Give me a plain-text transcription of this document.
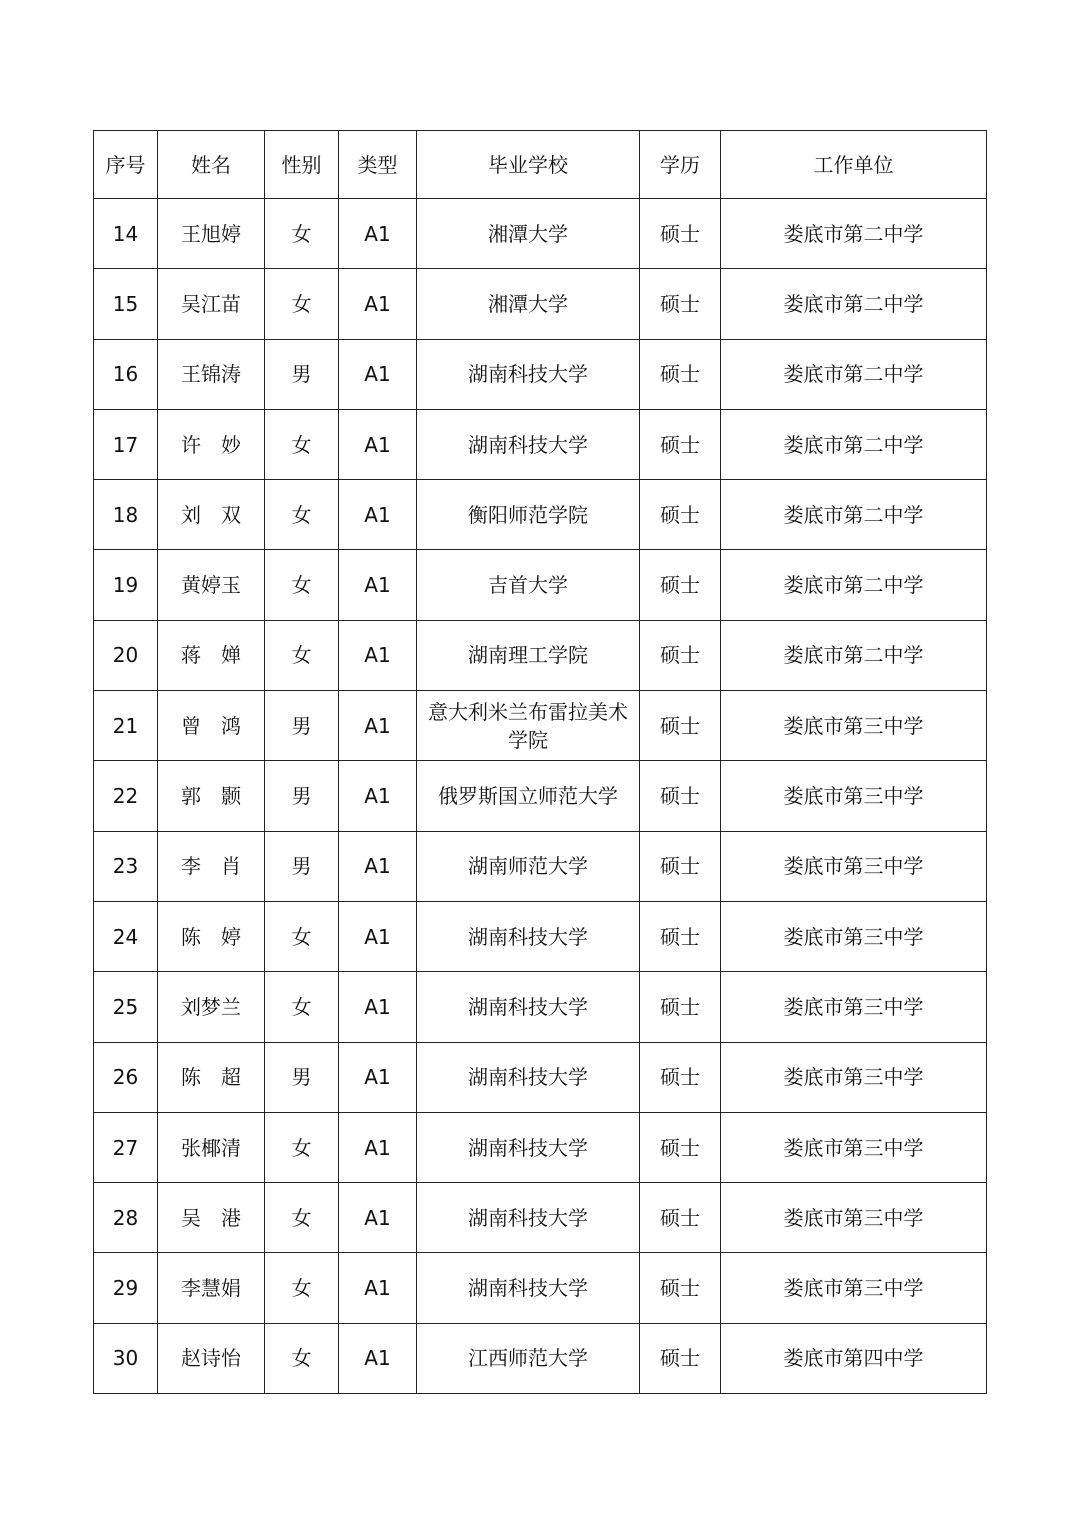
序号	姓名	性别	类型	毕业学校	学历	工作单位
14	王旭婷	女	A1	湘潭大学	硕士	娄底市第二中学
15	吴江苗	女	A1	湘潭大学	硕士	娄底市第二中学
16	王锦涛	男	A1	湖南科技大学	硕士	娄底市第二中学
17	许　妙	女	A1	湖南科技大学	硕士	娄底市第二中学
18	刘　双	女	A1	衡阳师范学院	硕士	娄底市第二中学
19	黄婷玉	女	A1	吉首大学	硕士	娄底市第二中学
20	蒋　婵	女	A1	湖南理工学院	硕士	娄底市第二中学
21	曾　鸿	男	A1	意大利米兰布雷拉美术学院	硕士	娄底市第三中学
22	郭　颢	男	A1	俄罗斯国立师范大学	硕士	娄底市第三中学
23	李　肖	男	A1	湖南师范大学	硕士	娄底市第三中学
24	陈　婷	女	A1	湖南科技大学	硕士	娄底市第三中学
25	刘梦兰	女	A1	湖南科技大学	硕士	娄底市第三中学
26	陈　超	男	A1	湖南科技大学	硕士	娄底市第三中学
27	张椰清	女	A1	湖南科技大学	硕士	娄底市第三中学
28	吴　港	女	A1	湖南科技大学	硕士	娄底市第三中学
29	李慧娟	女	A1	湖南科技大学	硕士	娄底市第三中学
30	赵诗怡	女	A1	江西师范大学	硕士	娄底市第四中学
